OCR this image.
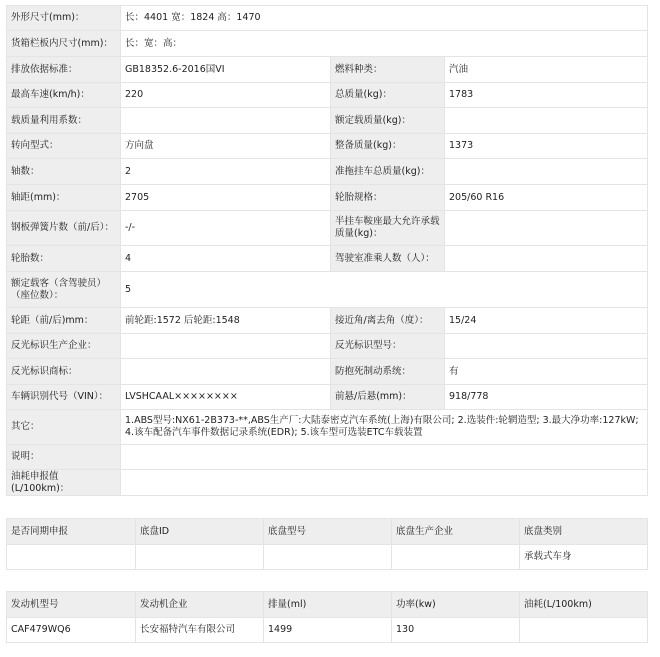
外形尺寸(mm)：	长：4401 宽：1824 高：1470		
货箱栏板内尺寸(mm)：	长：宽：高：		
排放依据标准：	GB18352.6-2016国VI	燃料种类：	汽油
最高车速(km/h)：	220	总质量(kg)：	1783
载质量利用系数：		额定载质量(kg)：	
转向型式：	方向盘	整备质量(kg)：	1373
轴数：	2	准拖挂车总质量(kg)：	
轴距(mm)：	2705	轮胎规格：	205/60 R16
钢板弹簧片数（前/后）：	-/-	半挂车鞍座最大允许承载质量(kg)：	
轮胎数：	4	驾驶室准乘人数（人）：	
额定载客（含驾驶员）（座位数）：	5		
轮距（前/后)mm：	前轮距:1572 后轮距:1548	接近角/离去角（度）：	15/24
反光标识生产企业：		反光标识型号：	
反光标识商标：		防抱死制动系统：	有
车辆识别代号（VIN）：	LVSHCAAL××××××××	前悬/后悬(mm)：	918/778
其它：	1.ABS型号:NX61-2B373-**,ABS生产厂:大陆泰密克汽车系统(上海)有限公司; 2.选装件:轮辋造型; 3.最大净功率:127kW; 4.该车配备汽车事件数据记录系统(EDR); 5.该车型可选装ETC车载装置		
说明：			
油耗申报值(L/100km)：			
是否同期申报	底盘ID	底盘型号	底盘生产企业	底盘类别
				承载式车身
发动机型号	发动机企业	排量(ml)	功率(kw)	油耗(L/100km)
CAF479WQ6	长安福特汽车有限公司	1499	130	
